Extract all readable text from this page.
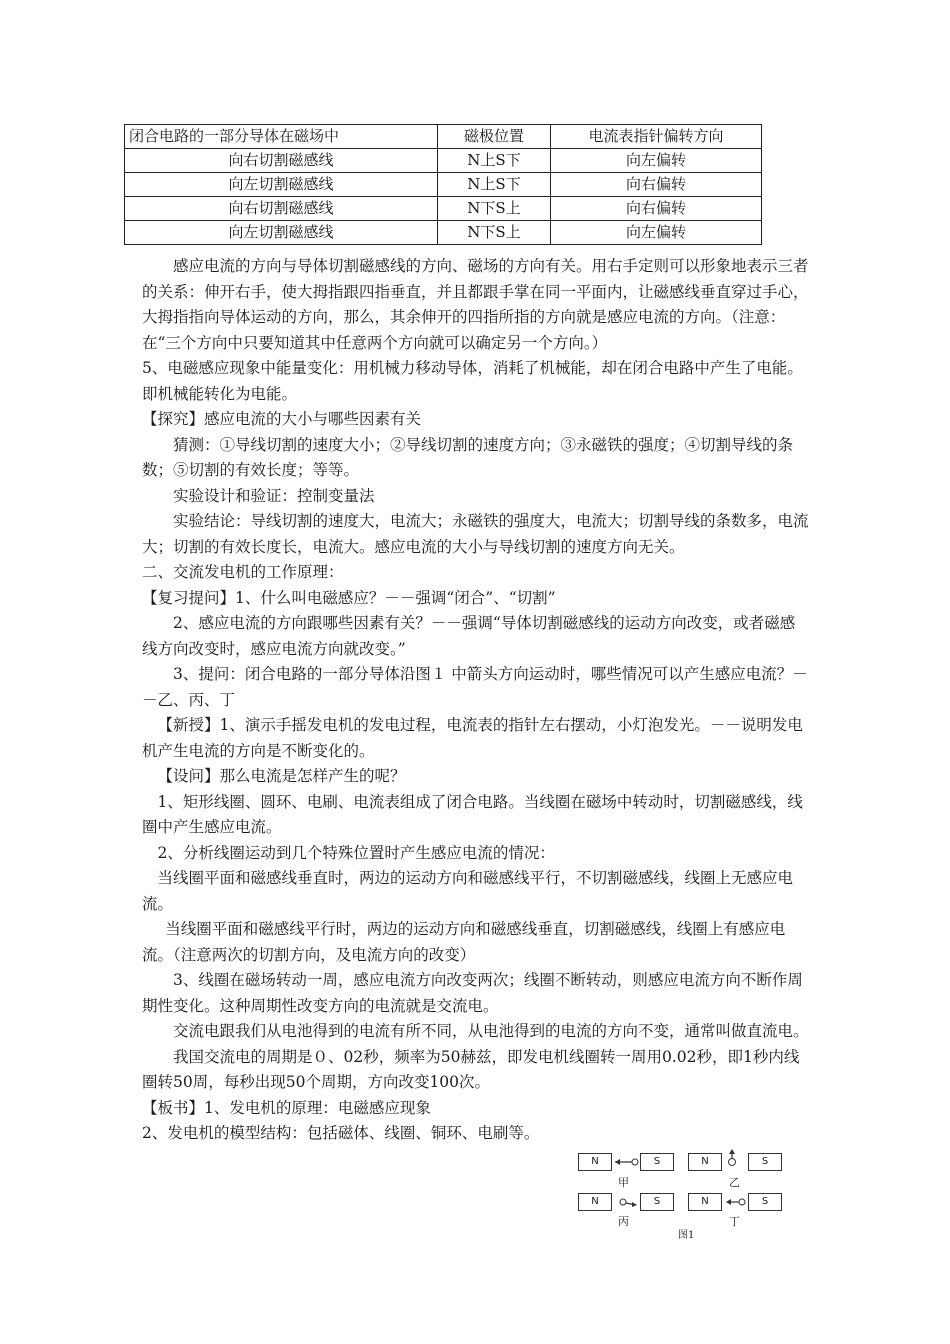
闭合电路的一部分导体在磁场中	磁极位置	电流表指针偏转方向
向右切割磁感线	N上S下	向左偏转
向左切割磁感线	N上S下	向右偏转
向右切割磁感线	N下S上	向右偏转
向左切割磁感线	N下S上	向左偏转

感应电流的方向与导体切割磁感线的方向、磁场的方向有关。用右手定则可以形象地表示三者的关系：伸开右手，使大拇指跟四指垂直，并且都跟手掌在同一平面内，让磁感线垂直穿过手心，大拇指指向导体运动的方向，那么，其余伸开的四指所指的方向就是感应电流的方向。（注意：在“三个方向中只要知道其中任意两个方向就可以确定另一个方向。）

5、电磁感应现象中能量变化：用机械力移动导体，消耗了机械能，却在闭合电路中产生了电能。即机械能转化为电能。

【探究】感应电流的大小与哪些因素有关

猜测：①导线切割的速度大小；②导线切割的速度方向；③永磁铁的强度；④切割导线的条数；⑤切割的有效长度；等等。

实验设计和验证：控制变量法

实验结论：导线切割的速度大，电流大；永磁铁的强度大，电流大；切割导线的条数多，电流大；切割的有效长度长，电流大。感应电流的大小与导线切割的速度方向无关。

二、交流发电机的工作原理：

【复习提问】1、什么叫电磁感应？－－强调“闭合”、“切割”

2、感应电流的方向跟哪些因素有关？－－强调“导体切割磁感线的运动方向改变，或者磁感线方向改变时，感应电流方向就改变。”

3、提问：闭合电路的一部分导体沿图１ 中箭头方向运动时，哪些情况可以产生感应电流？－－乙、丙、丁

【新授】1、演示手摇发电机的发电过程，电流表的指针左右摆动，小灯泡发光。－－说明发电机产生电流的方向是不断变化的。

【设问】那么电流是怎样产生的呢？

1、矩形线圈、圆环、电刷、电流表组成了闭合电路。当线圈在磁场中转动时，切割磁感线，线圈中产生感应电流。

2、分析线圈运动到几个特殊位置时产生感应电流的情况：

当线圈平面和磁感线垂直时，两边的运动方向和磁感线平行，不切割磁感线，线圈上无感应电流。

当线圈平面和磁感线平行时，两边的运动方向和磁感线垂直，切割磁感线，线圈上有感应电流。（注意两次的切割方向，及电流方向的改变）

3、线圈在磁场转动一周，感应电流方向改变两次；线圈不断转动，则感应电流方向不断作周期性变化。这种周期性改变方向的电流就是交流电。

交流电跟我们从电池得到的电流有所不同，从电池得到的电流的方向不变，通常叫做直流电。

我国交流电的周期是０、02秒，频率为50赫兹，即发电机线圈转一周用0.02秒，即1秒内线圈转50周，每秒出现50个周期，方向改变100次。

【板书】1、发电机的原理：电磁感应现象

2、发电机的模型结构：包括磁体、线圈、铜环、电刷等。

N	S
甲
N	S
乙
N	S
丙
N	S
丁
图1
